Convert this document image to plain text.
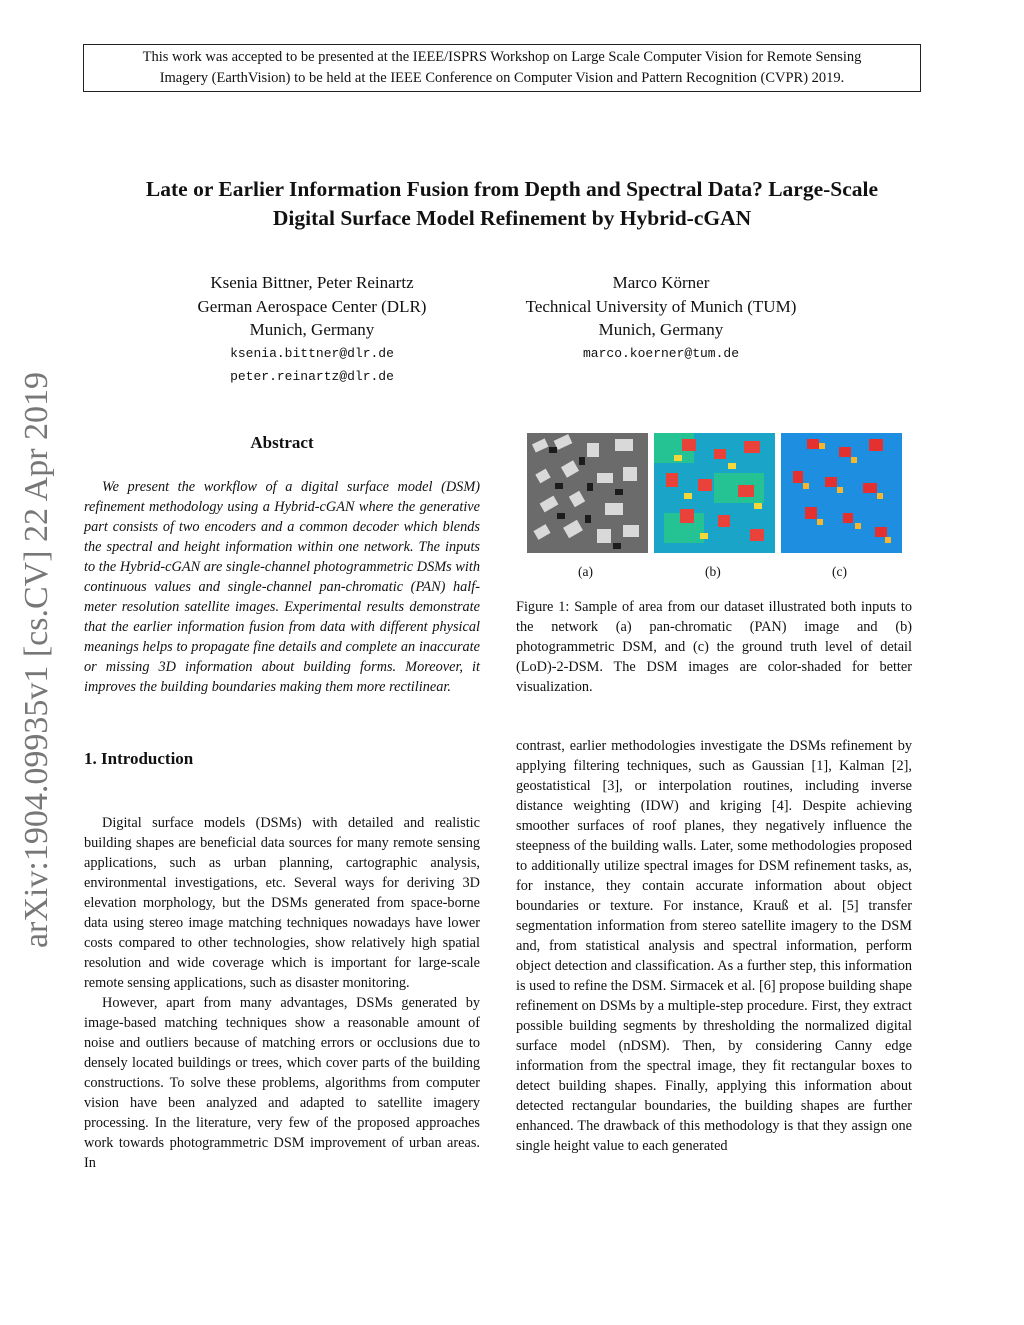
This work was accepted to be presented at the IEEE/ISPRS Workshop on Large Scale Computer Vision for Remote Sensing
Imagery (EarthVision) to be held at the IEEE Conference on Computer Vision and Pattern Recognition (CVPR) 2019.
arXiv:1904.09935v1 [cs.CV] 22 Apr 2019
Late or Earlier Information Fusion from Depth and Spectral Data? Large-Scale
Digital Surface Model Refinement by Hybrid-cGAN
Ksenia Bittner, Peter Reinartz
German Aerospace Center (DLR)
Munich, Germany
ksenia.bittner@dlr.de
peter.reinartz@dlr.de
Marco Körner
Technical University of Munich (TUM)
Munich, Germany
marco.koerner@tum.de
Abstract
We present the workflow of a digital surface model (DSM) refinement methodology using a Hybrid-cGAN where the generative part consists of two encoders and a common decoder which blends the spectral and height information within one network. The inputs to the Hybrid-cGAN are single-channel photogrammetric DSMs with continuous values and single-channel pan-chromatic (PAN) half-meter resolution satellite images. Experimental results demonstrate that the earlier information fusion from data with different physical meanings helps to propagate fine details and complete an inaccurate or missing 3D information about building forms. Moreover, it improves the building boundaries making them more rectilinear.
1. Introduction

Digital surface models (DSMs) with detailed and realistic building shapes are beneficial data sources for many remote sensing applications, such as urban planning, cartographic analysis, environmental investigations, etc. Several ways for deriving 3D elevation morphology, but the DSMs generated from space-borne data using stereo image matching techniques nowadays have lower costs compared to other technologies, show relatively high spatial resolution and wide coverage which is important for large-scale remote sensing applications, such as disaster monitoring.

However, apart from many advantages, DSMs generated by image-based matching techniques show a reasonable amount of noise and outliers because of matching errors or occlusions due to densely located buildings or trees, which cover parts of the building constructions. To solve these problems, algorithms from computer vision have been analyzed and adapted to satellite imagery processing. In the literature, very few of the proposed approaches work towards photogrammetric DSM improvement of urban areas. In

(a)	(b)	(c)
Figure 1: Sample of area from our dataset illustrated both inputs to the network (a) pan-chromatic (PAN) image and (b) photogrammetric DSM, and (c) the ground truth level of detail (LoD)-2-DSM. The DSM images are color-shaded for better visualization.
contrast, earlier methodologies investigate the DSMs refinement by applying filtering techniques, such as Gaussian [1], Kalman [2], geostatistical [3], or interpolation routines, including inverse distance weighting (IDW) and kriging [4]. Despite achieving smoother surfaces of roof planes, they negatively influence the steepness of the building walls. Later, some methodologies proposed to additionally utilize spectral images for DSM refinement tasks, as, for instance, they contain accurate information about object boundaries or texture. For instance, Krauß et al. [5] transfer segmentation information from stereo satellite imagery to the DSM and, from statistical analysis and spectral information, perform object detection and classification. As a further step, this information is used to refine the DSM. Sirmacek et al. [6] propose building shape refinement on DSMs by a multiple-step procedure. First, they extract possible building segments by thresholding the normalized digital surface model (nDSM). Then, by considering Canny edge information from the spectral image, they fit rectangular boxes to detect building shapes. Finally, applying this information about detected rectangular boundaries, the building shapes are further enhanced. The drawback of this methodology is that they assign one single height value to each generated
